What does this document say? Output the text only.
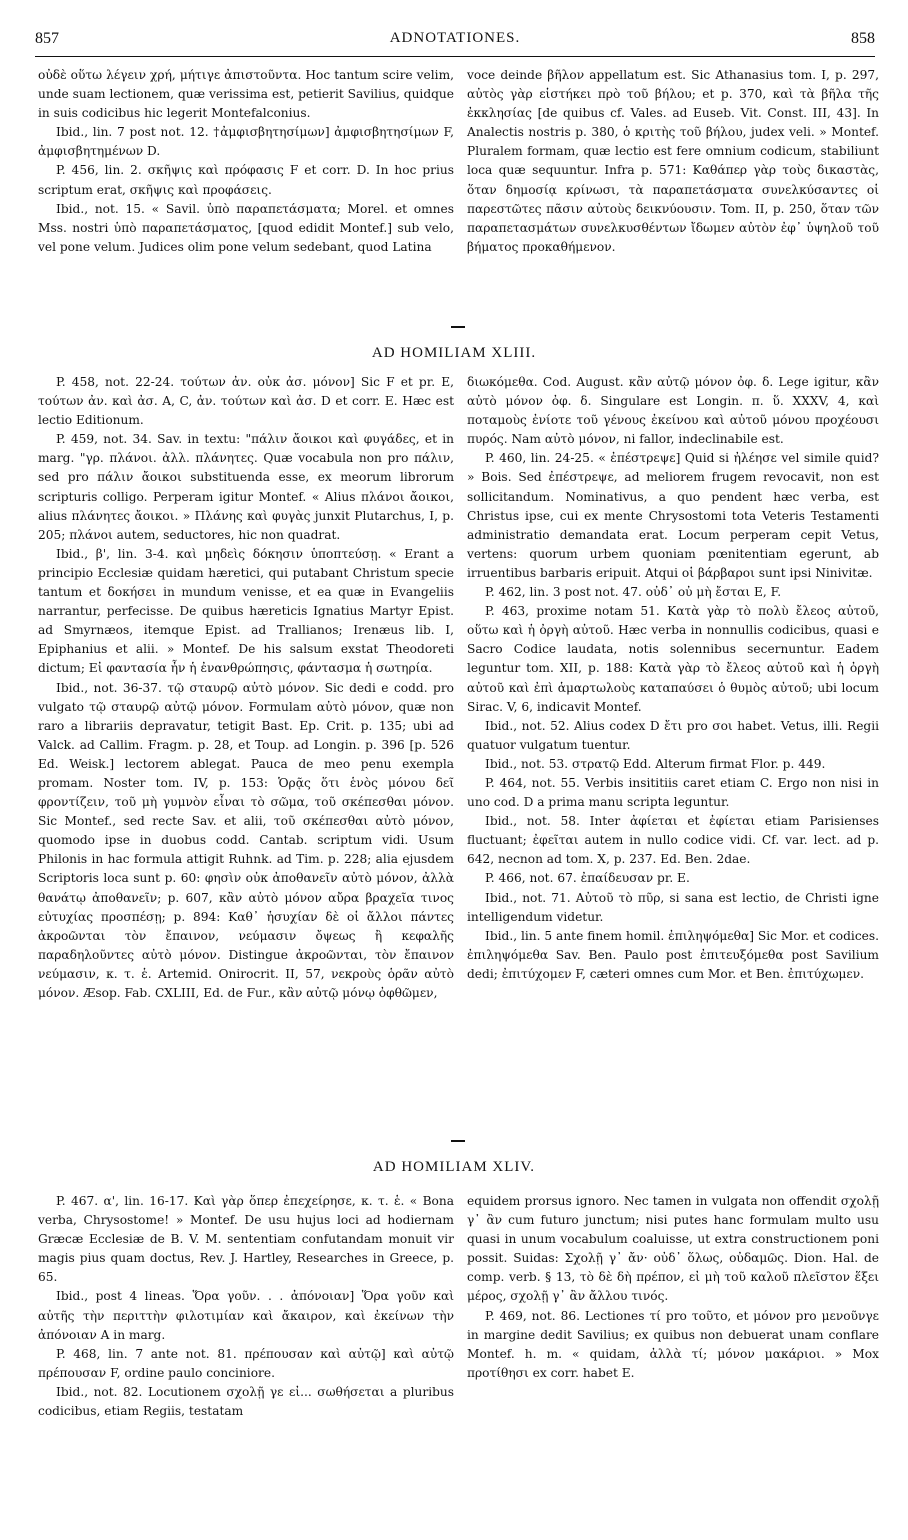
857	ADNOTATIONES.	858

οὐδὲ οὕτω λέγειν χρή, μήτιγε ἀπιστοῦντα. Hoc tantum scire velim, unde suam lectionem, quæ verissima est, petierit Savilius, quidque in suis codicibus hic legerit Montefalconius.

Ibid., lin. 7 post not. 12. †ἀμφισβητησίμων] ἀμφισβητησίμων F, ἀμφισβητημένων D.

P. 456, lin. 2. σκῆψις καὶ πρόφασις F et corr. D. In hoc prius scriptum erat, σκῆψις καὶ προφάσεις.

Ibid., not. 15. « Savil. ὑπὸ παραπετάσματα; Morel. et omnes Mss. nostri ὑπὸ παραπετάσματος, [quod edidit Montef.] sub velo, vel pone velum. Judices olim pone velum sedebant, quod Latina

voce deinde βῆλον appellatum est. Sic Athanasius tom. I, p. 297, αὐτὸς γὰρ εἱστήκει πρὸ τοῦ βήλου; et p. 370, καὶ τὰ βῆλα τῆς ἐκκλησίας [de quibus cf. Vales. ad Euseb. Vit. Const. III, 43]. In Analectis nostris p. 380, ὁ κριτὴς τοῦ βήλου, judex veli. » Montef. Pluralem formam, quæ lectio est fere omnium codicum, stabiliunt loca quæ sequuntur. Infra p. 571: Καθάπερ γὰρ τοὺς δικαστὰς, ὅταν δημοσίᾳ κρίνωσι, τὰ παραπετάσματα συνελκύσαντες οἱ παρεστῶτες πᾶσιν αὐτοὺς δεικνύουσιν. Tom. II, p. 250, ὅταν τῶν παραπετασμάτων συνελκυσθέντων ἴδωμεν αὐτὸν ἐφ᾽ ὑψηλοῦ τοῦ βήματος προκαθήμενον.

AD HOMILIAM XLIII.

P. 458, not. 22-24. τούτων ἀν. οὐκ ἀσ. μόνον] Sic F et pr. E, τούτων ἀν. καὶ ἀσ. A, C, ἀν. τούτων καὶ ἀσ. D et corr. E. Hæc est lectio Editionum.

P. 459, not. 34. Sav. in textu: "πάλιν ἄοικοι καὶ φυγάδες, et in marg. "γρ. πλάνοι. ἀλλ. πλάνητες. Quæ vocabula non pro πάλιν, sed pro πάλιν ἄοικοι substituenda esse, ex meorum librorum scripturis colligo. Perperam igitur Montef. « Alius πλάνοι ἄοικοι, alius πλάνητες ἄοικοι. » Πλάνης καὶ φυγὰς junxit Plutarchus, I, p. 205; πλάνοι autem, seductores, hic non quadrat.

Ibid., β', lin. 3-4. καὶ μηδεὶς δόκησιν ὑποπτεύσῃ. « Erant a principio Ecclesiæ quidam hæretici, qui putabant Christum specie tantum et δοκήσει in mundum venisse, et ea quæ in Evangeliis narrantur, perfecisse. De quibus hæreticis Ignatius Martyr Epist. ad Smyrnæos, itemque Epist. ad Trallianos; Irenæus lib. I, Epiphanius et alii. » Montef. De his salsum exstat Theodoreti dictum; Εἰ φαντασία ἦν ἡ ἐνανθρώπησις, φάντασμα ἡ σωτηρία.

Ibid., not. 36-37. τῷ σταυρῷ αὐτὸ μόνον. Sic dedi e codd. pro vulgato τῷ σταυρῷ αὐτῷ μόνον. Formulam αὐτὸ μόνον, quæ non raro a librariis depravatur, tetigit Bast. Ep. Crit. p. 135; ubi ad Valck. ad Callim. Fragm. p. 28, et Toup. ad Longin. p. 396 [p. 526 Ed. Weisk.] lectorem ablegat. Pauca de meo penu exempla promam. Noster tom. IV, p. 153: Ὁρᾷς ὅτι ἑνὸς μόνου δεῖ φροντίζειν, τοῦ μὴ γυμνὸν εἶναι τὸ σῶμα, τοῦ σκέπεσθαι μόνον. Sic Montef., sed recte Sav. et alii, τοῦ σκέπεσθαι αὐτὸ μόνον, quomodo ipse in duobus codd. Cantab. scriptum vidi. Usum Philonis in hac formula attigit Ruhnk. ad Tim. p. 228; alia ejusdem Scriptoris loca sunt p. 60: φησὶν οὐκ ἀποθανεῖν αὐτὸ μόνον, ἀλλὰ θανάτῳ ἀποθανεῖν; p. 607, κἂν αὐτὸ μόνον αὔρα βραχεῖα τινος εὐτυχίας προσπέσῃ; p. 894: Καθ᾽ ἡσυχίαν δὲ οἱ ἄλλοι πάντες ἀκροῶνται τὸν ἔπαινον, νεύμασιν ὄψεως ἢ κεφαλῆς παραδηλοῦντες αὐτὸ μόνον. Distingue ἀκροῶνται, τὸν ἔπαινον νεύμασιν, κ. τ. ἑ. Artemid. Onirocrit. II, 57, νεκροὺς ὁρᾶν αὐτὸ μόνον. Æsop. Fab. CXLIII, Ed. de Fur., κἂν αὐτῷ μόνῳ ὀφθῶμεν,

διωκόμεθα. Cod. August. κἂν αὐτῷ μόνον ὀφ. δ. Lege igitur, κἂν αὐτὸ μόνον ὀφ. δ. Singulare est Longin. π. ὕ. XXXV, 4, καὶ ποταμοὺς ἐνίοτε τοῦ γένους ἐκείνου καὶ αὐτοῦ μόνου προχέουσι πυρός. Nam αὐτὸ μόνον, ni fallor, indeclinabile est.

P. 460, lin. 24-25. « ἐπέστρεψε] Quid si ἠλέησε vel simile quid? » Bois. Sed ἐπέστρεψε, ad meliorem frugem revocavit, non est sollicitandum. Nominativus, a quo pendent hæc verba, est Christus ipse, cui ex mente Chrysostomi tota Veteris Testamenti administratio demandata erat. Locum perperam cepit Vetus, vertens: quorum urbem quoniam pœnitentiam egerunt, ab irruentibus barbaris eripuit. Atqui οἱ βάρβαροι sunt ipsi Ninivitæ.

P. 462, lin. 3 post not. 47. οὐδ᾽ οὐ μὴ ἔσται E, F.

P. 463, proxime notam 51. Κατὰ γὰρ τὸ πολὺ ἔλεος αὐτοῦ, οὕτω καὶ ἡ ὀργὴ αὐτοῦ. Hæc verba in nonnullis codicibus, quasi e Sacro Codice laudata, notis solennibus secernuntur. Eadem leguntur tom. XII, p. 188: Κατὰ γὰρ τὸ ἔλεος αὐτοῦ καὶ ἡ ὀργὴ αὐτοῦ καὶ ἐπὶ ἁμαρτωλοὺς καταπαύσει ὁ θυμὸς αὐτοῦ; ubi locum Sirac. V, 6, indicavit Montef.

Ibid., not. 52. Alius codex D ἔτι pro σοι habet. Vetus, illi. Regii quatuor vulgatum tuentur.

Ibid., not. 53. στρατῷ Edd. Alterum firmat Flor. p. 449.

P. 464, not. 55. Verbis insititiis caret etiam C. Ergo non nisi in uno cod. D a prima manu scripta leguntur.

Ibid., not. 58. Inter ἀφίεται et ἐφίεται etiam Parisienses fluctuant; ἐφεῖται autem in nullo codice vidi. Cf. var. lect. ad p. 642, necnon ad tom. X, p. 237. Ed. Ben. 2dae.

P. 466, not. 67. ἐπαίδευσαν pr. E.

Ibid., not. 71. Αὐτοῦ τὸ πῦρ, si sana est lectio, de Christi igne intelligendum videtur.

Ibid., lin. 5 ante finem homil. ἐπιληψόμεθα] Sic Mor. et codices. ἐπιληψόμεθα Sav. Ben. Paulo post ἐπιτευξόμεθα post Savilium dedi; ἐπιτύχομεν F, cæteri omnes cum Mor. et Ben. ἐπιτύχωμεν.

AD HOMILIAM XLIV.

P. 467. α', lin. 16-17. Καὶ γὰρ ὅπερ ἐπεχείρησε, κ. τ. ἑ. « Bona verba, Chrysostome! » Montef. De usu hujus loci ad hodiernam Græcæ Ecclesiæ de B. V. M. sententiam confutandam monuit vir magis pius quam doctus, Rev. J. Hartley, Researches in Greece, p. 65.

Ibid., post 4 lineas. Ὅρα γοῦν. . . ἀπόνοιαν] Ὅρα γοῦν καὶ αὐτῆς τὴν περιττὴν φιλοτιμίαν καὶ ἄκαιρον, καὶ ἐκείνων τὴν ἀπόνοιαν A in marg.

P. 468, lin. 7 ante not. 81. πρέπουσαν καὶ αὐτῷ] καὶ αὐτῷ πρέπουσαν F, ordine paulo conciniore.

Ibid., not. 82. Locutionem σχολῇ γε εἰ... σωθήσεται a pluribus codicibus, etiam Regiis, testatam

equidem prorsus ignoro. Nec tamen in vulgata non offendit σχολῇ γ᾽ ἂν cum futuro junctum; nisi putes hanc formulam multo usu quasi in unum vocabulum coaluisse, ut extra constructionem poni possit. Suidas: Σχολῇ γ᾽ ἄν· οὐδ᾽ ὅλως, οὐδαμῶς. Dion. Hal. de comp. verb. § 13, τὸ δὲ δὴ πρέπον, εἰ μὴ τοῦ καλοῦ πλεῖστον ἕξει μέρος, σχολῇ γ᾽ ἂν ἄλλου τινός.

P. 469, not. 86. Lectiones τί pro τοῦτο, et μόνον pro μενοῦνγε in margine dedit Savilius; ex quibus non debuerat unam conflare Montef. h. m. « quidam, ἀλλὰ τί; μόνον μακάριοι. » Mox προτίθησι ex corr. habet E.
